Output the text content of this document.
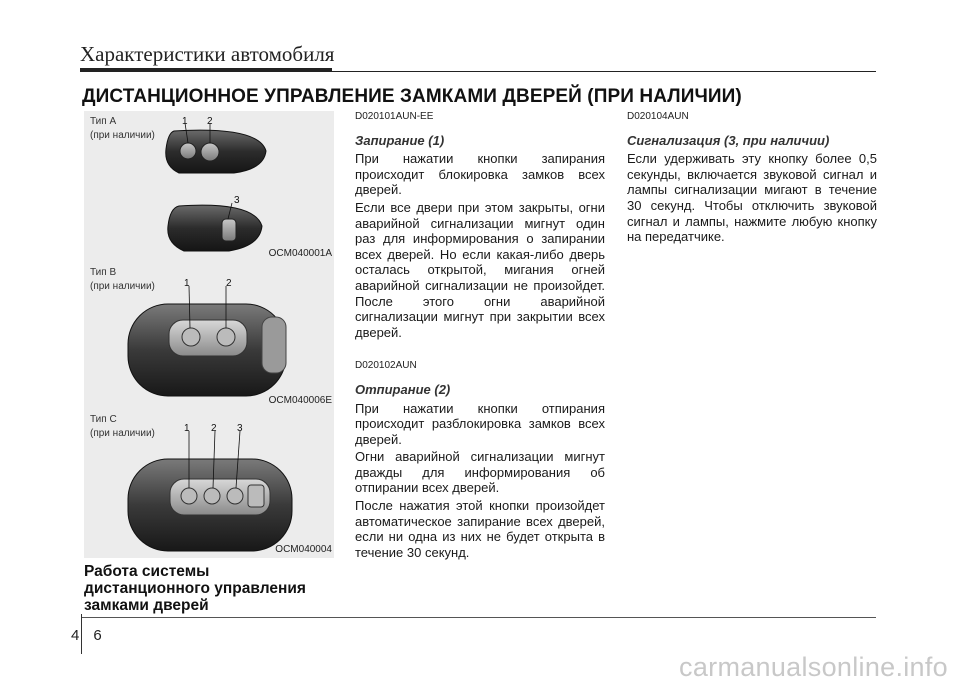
Характеристики автомобиля
ДИСТАНЦИОННОЕ УПРАВЛЕНИЕ ЗАМКАМИ ДВЕРЕЙ (ПРИ НАЛИЧИИ)
Тип A
(при наличии)
1 2
3
OCM040001A
Тип B
(при наличии)	1	2
OCM040006E
Тип C
(при наличии)	1 2 3
OCM040004
Работа системы дистанционного управления замками дверей
D020101AUN-EE
Запирание (1)

При нажатии кнопки запирания происходит блокировка замков всех дверей.

Если все двери при этом закрыты, огни аварийной сигнализации мигнут один раз для информирования о запирании всех дверей. Но если какая-либо дверь осталась открытой, мигания огней аварийной сигнализации не произойдет. После этого огни аварийной сигнализации мигнут при закрытии всех дверей.

D020102AUN
Отпирание (2)

При нажатии кнопки отпирания происходит разблокировка замков всех дверей.

Огни аварийной сигнализации мигнут дважды для информирования об отпирании всех дверей.

После нажатия этой кнопки произойдет автоматическое запирание всех дверей, если ни одна из них не будет открыта в течение 30 секунд.

D020104AUN
Сигнализация (3, при наличии)

Если удерживать эту кнопку более 0,5 секунды, включается звуковой сигнал и лампы сигнализации мигают в течение 30 секунд. Чтобы отключить звуковой сигнал и лампы, нажмите любую кнопку на передатчике.

46
carmanualsonline.info
